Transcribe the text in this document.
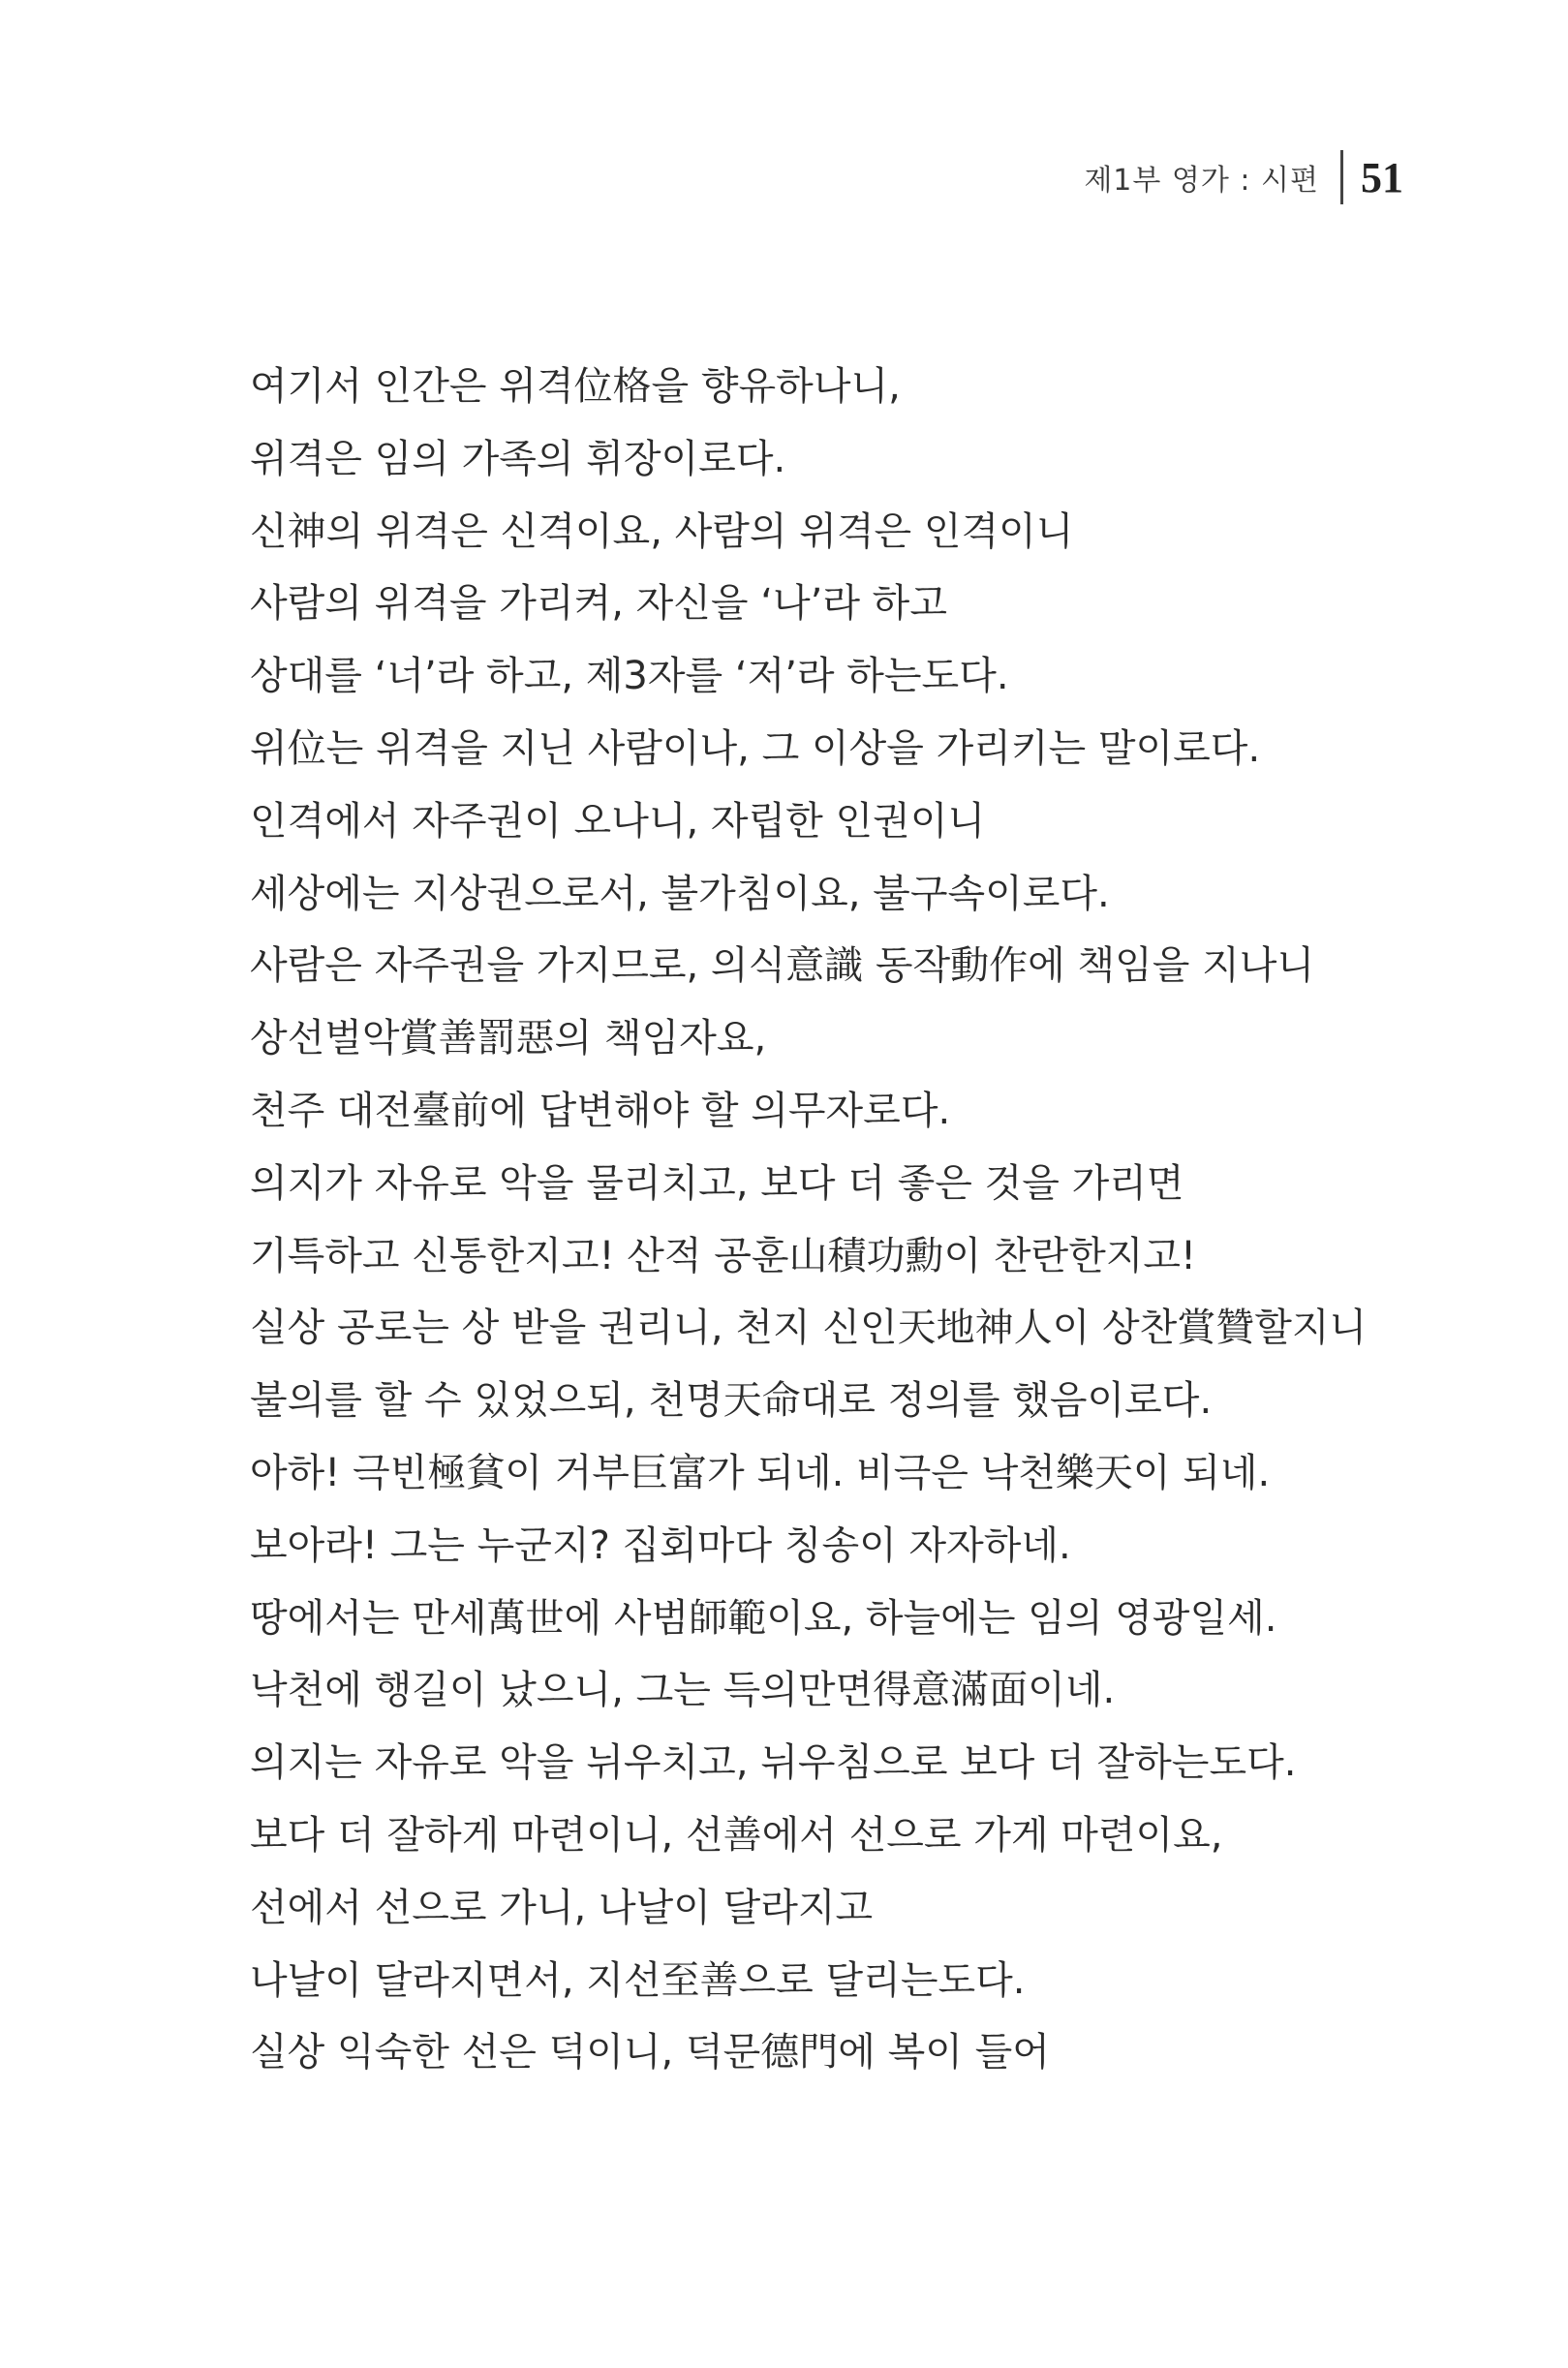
제1부 영가 : 시편 51
여기서 인간은 위격位格을 향유하나니,
위격은 임의 가족의 휘장이로다.
신神의 위격은 신격이요, 사람의 위격은 인격이니
사람의 위격을 가리켜, 자신을 ‘나’라 하고
상대를 ‘너’라 하고, 제3자를 ‘저’라 하는도다.
위位는 위격을 지닌 사람이나, 그 이상을 가리키는 말이로다.
인격에서 자주권이 오나니, 자립한 인권이니
세상에는 지상권으로서, 불가침이요, 불구속이로다.
사람은 자주권을 가지므로, 의식意識 동작動作에 책임을 지나니
상선벌악賞善罰惡의 책임자요,
천주 대전臺前에 답변해야 할 의무자로다.
의지가 자유로 악을 물리치고, 보다 더 좋은 것을 가리면
기특하고 신통한지고! 산적 공훈山積功勳이 찬란한지고!
실상 공로는 상 받을 권리니, 천지 신인天地神人이 상찬賞贊할지니
불의를 할 수 있었으되, 천명天命대로 정의를 했음이로다.
아하! 극빈極貧이 거부巨富가 되네. 비극은 낙천樂天이 되네.
보아라! 그는 누군지? 집회마다 칭송이 자자하네.
땅에서는 만세萬世에 사범師範이요, 하늘에는 임의 영광일세.
낙천에 행길이 났으니, 그는 득의만면得意滿面이네.
의지는 자유로 악을 뉘우치고, 뉘우침으로 보다 더 잘하는도다.
보다 더 잘하게 마련이니, 선善에서 선으로 가게 마련이요,
선에서 선으로 가니, 나날이 달라지고
나날이 달라지면서, 지선至善으로 달리는도다.
실상 익숙한 선은 덕이니, 덕문德門에 복이 들어
